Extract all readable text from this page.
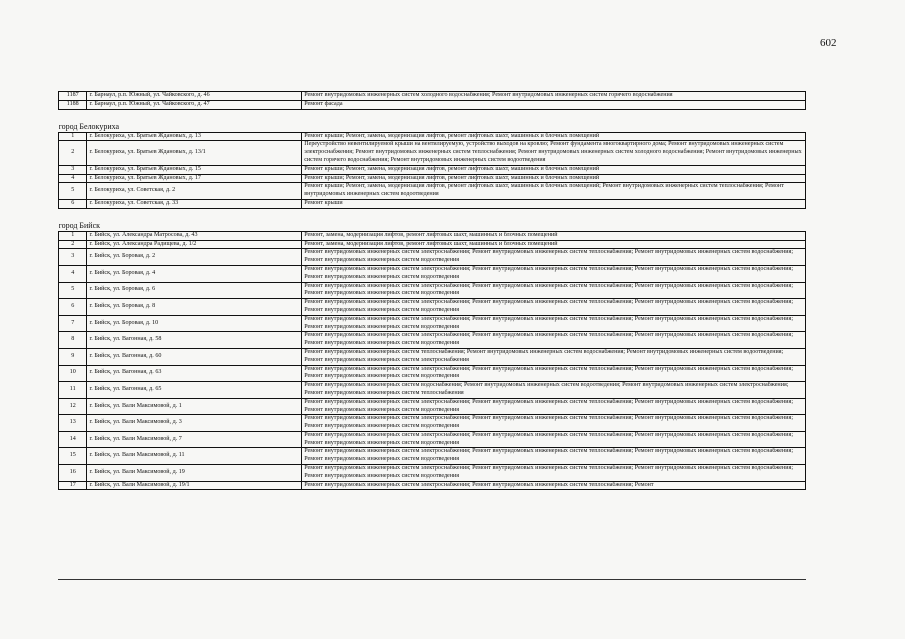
602
1187	г. Барнаул, р.п. Южный, ул. Чайковского, д. 46	Ремонт внутридомовых инженерных систем холодного водоснабжения; Ремонт внутридомовых инженерных систем горячего водоснабжения
1188	г. Барнаул, р.п. Южный, ул. Чайковского, д. 47	Ремонт фасада

город Белокуриха		
1	г. Белокуриха, ул. Братьев Ждановых, д. 13	Ремонт крыши; Ремонт, замена, модернизация лифтов, ремонт лифтовых шахт, машинных и блочных помещений
2	г. Белокуриха, ул. Братьев Ждановых, д. 13/1	Переустройство невентилируемой крыши на вентилируемую, устройство выходов на кровлю; Ремонт фундамента многоквартирного дома; Ремонт внутридомовых инженерных систем электроснабжения; Ремонт внутридомовых инженерных систем теплоснабжения; Ремонт внутридомовых инженерных систем холодного водоснабжения; Ремонт внутридомовых инженерных систем горячего водоснабжения; Ремонт внутридомовых инженерных систем водоотведения
3	г. Белокуриха, ул. Братьев Ждановых, д. 15	Ремонт крыши; Ремонт, замена, модернизация лифтов, ремонт лифтовых шахт, машинных и блочных помещений
4	г. Белокуриха, ул. Братьев Ждановых, д. 17	Ремонт крыши; Ремонт, замена, модернизация лифтов, ремонт лифтовых шахт, машинных и блочных помещений
5	г. Белокуриха, ул. Советская, д. 2	Ремонт крыши; Ремонт, замена, модернизация лифтов, ремонт лифтовых шахт, машинных и блочных помещений; Ремонт внутридомовых инженерных систем теплоснабжения; Ремонт внутридомовых инженерных систем водоотведения
6	г. Белокуриха, ул. Советская, д. 33	Ремонт крыши

город Бийск		
1	г. Бийск, ул. Александра Матросова, д. 43	Ремонт, замена, модернизация лифтов, ремонт лифтовых шахт, машинных и блочных помещений
2	г. Бийск, ул. Александра Радищева, д. 1/2	Ремонт, замена, модернизация лифтов, ремонт лифтовых шахт, машинных и блочных помещений
3	г. Бийск, ул. Боровая, д. 2	Ремонт внутридомовых инженерных систем электроснабжения; Ремонт внутридомовых инженерных систем теплоснабжения; Ремонт внутридомовых инженерных систем водоснабжения; Ремонт внутридомовых инженерных систем водоотведения
4	г. Бийск, ул. Боровая, д. 4	Ремонт внутридомовых инженерных систем электроснабжения; Ремонт внутридомовых инженерных систем теплоснабжения; Ремонт внутридомовых инженерных систем водоснабжения; Ремонт внутридомовых инженерных систем водоотведения
5	г. Бийск, ул. Боровая, д. 6	Ремонт внутридомовых инженерных систем электроснабжения; Ремонт внутридомовых инженерных систем теплоснабжения; Ремонт внутридомовых инженерных систем водоснабжения; Ремонт внутридомовых инженерных систем водоотведения
6	г. Бийск, ул. Боровая, д. 8	Ремонт внутридомовых инженерных систем электроснабжения; Ремонт внутридомовых инженерных систем теплоснабжения; Ремонт внутридомовых инженерных систем водоснабжения; Ремонт внутридомовых инженерных систем водоотведения
7	г. Бийск, ул. Боровая, д. 10	Ремонт внутридомовых инженерных систем электроснабжения; Ремонт внутридомовых инженерных систем теплоснабжения; Ремонт внутридомовых инженерных систем водоснабжения; Ремонт внутридомовых инженерных систем водоотведения
8	г. Бийск, ул. Вагонная, д. 58	Ремонт внутридомовых инженерных систем электроснабжения; Ремонт внутридомовых инженерных систем теплоснабжения; Ремонт внутридомовых инженерных систем водоснабжения; Ремонт внутридомовых инженерных систем водоотведения
9	г. Бийск, ул. Вагонная, д. 60	Ремонт внутридомовых инженерных систем теплоснабжения; Ремонт внутридомовых инженерных систем водоснабжения; Ремонт внутридомовых инженерных систем водоотведения; Ремонт внутридомовых инженерных систем электроснабжения
10	г. Бийск, ул. Вагонная, д. 63	Ремонт внутридомовых инженерных систем электроснабжения; Ремонт внутридомовых инженерных систем теплоснабжения; Ремонт внутридомовых инженерных систем водоснабжения; Ремонт внутридомовых инженерных систем водоотведения
11	г. Бийск, ул. Вагонная, д. 65	Ремонт внутридомовых инженерных систем водоснабжения; Ремонт внутридомовых инженерных систем водоотведения; Ремонт внутридомовых инженерных систем электроснабжения; Ремонт внутридомовых инженерных систем теплоснабжения
12	г. Бийск, ул. Вали Максимовой, д. 1	Ремонт внутридомовых инженерных систем электроснабжения; Ремонт внутридомовых инженерных систем теплоснабжения; Ремонт внутридомовых инженерных систем водоснабжения; Ремонт внутридомовых инженерных систем водоотведения
13	г. Бийск, ул. Вали Максимовой, д. 3	Ремонт внутридомовых инженерных систем электроснабжения; Ремонт внутридомовых инженерных систем теплоснабжения; Ремонт внутридомовых инженерных систем водоснабжения; Ремонт внутридомовых инженерных систем водоотведения
14	г. Бийск, ул. Вали Максимовой, д. 7	Ремонт внутридомовых инженерных систем электроснабжения; Ремонт внутридомовых инженерных систем теплоснабжения; Ремонт внутридомовых инженерных систем водоснабжения; Ремонт внутридомовых инженерных систем водоотведения
15	г. Бийск, ул. Вали Максимовой, д. 11	Ремонт внутридомовых инженерных систем электроснабжения; Ремонт внутридомовых инженерных систем теплоснабжения; Ремонт внутридомовых инженерных систем водоснабжения; Ремонт внутридомовых инженерных систем водоотведения
16	г. Бийск, ул. Вали Максимовой, д. 19	Ремонт внутридомовых инженерных систем электроснабжения; Ремонт внутридомовых инженерных систем теплоснабжения; Ремонт внутридомовых инженерных систем водоснабжения; Ремонт внутридомовых инженерных систем водоотведения
17	г. Бийск, ул. Вали Максимовой, д. 19/1	Ремонт внутридомовых инженерных систем электроснабжения; Ремонт внутридомовых инженерных систем теплоснабжения; Ремонт
